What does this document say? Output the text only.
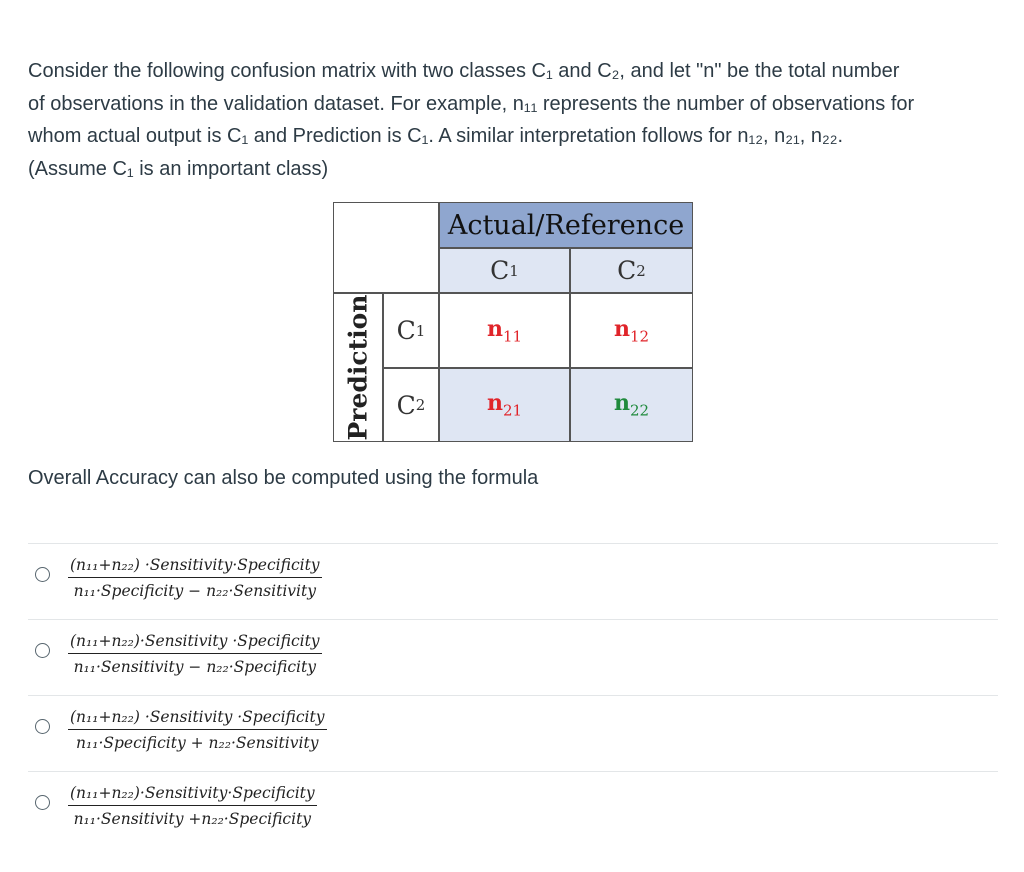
Consider the following confusion matrix with two classes C₁ and C₂, and let "n" be the total number

of observations in the validation dataset. For example, n₁₁ represents the number of observations for

whom actual output is C₁ and Prediction is C₁. A similar interpretation follows for n₁₂, n₂₁, n₂₂.

(Assume C₁ is an important class)

Actual/Reference
C 1	C 2
Prediction C 1
C 2
$n_{11}$	$n_{12}$
$n_{21}$	$n_{22}$
Overall Accuracy can also be computed using the formula
(n₁₁+n₂₂) ·Sensitivity·Specificity
n₁₁·Specificity − n₂₂·Sensitivity
(n₁₁+n₂₂)·Sensitivity ·Specificity
n₁₁·Sensitivity − n₂₂·Specificity
(n₁₁+n₂₂) ·Sensitivity ·Specificity
n₁₁·Specificity + n₂₂·Sensitivity
(n₁₁+n₂₂)·Sensitivity·Specificity
n₁₁·Sensitivity +n₂₂·Specificity
